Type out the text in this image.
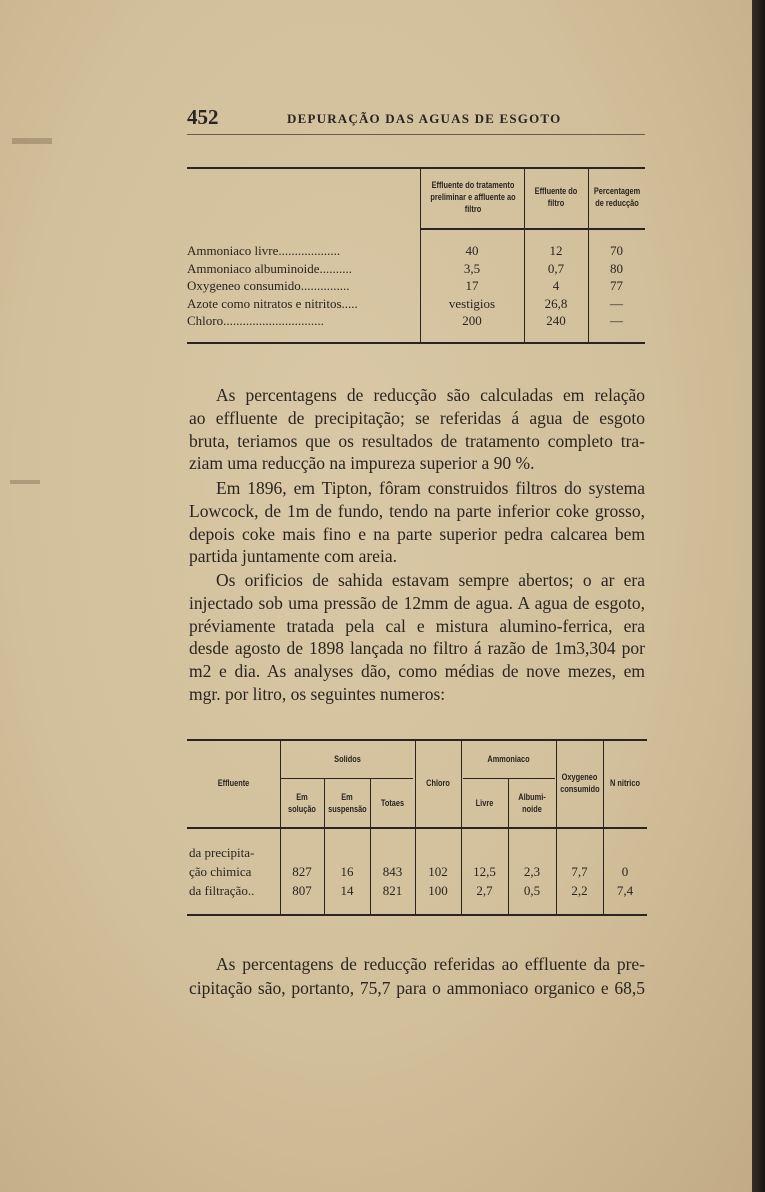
452	DEPURAÇÃO DAS AGUAS DE ESGOTO
Effluente do tratamento preliminar e affluente ao filtro
Effluente do filtro
Percentagem de reducção
Ammoniaco livre...................	40	12	70
Ammoniaco albuminoide..........	3,5	0,7	80
Oxygeneo consumido...............	17	4	77
Azote como nitratos e nitritos.....	vestigios	26,8	—
Chloro...............................	200	240	—
As percentagens de reducção são calculadas em relação
ao effluente de precipitação; se referidas á agua de esgoto
bruta, teriamos que os resultados de tratamento completo tra-
ziam uma reducção na impureza superior a 90 %.
Em 1896, em Tipton, fôram construidos filtros do systema
Lowcock, de 1m de fundo, tendo na parte inferior coke grosso,
depois coke mais fino e na parte superior pedra calcarea bem
partida juntamente com areia.
Os orificios de sahida estavam sempre abertos; o ar era
injectado sob uma pressão de 12mm de agua. A agua de esgoto,
préviamente tratada pela cal e mistura alumino-ferrica, era
desde agosto de 1898 lançada no filtro á razão de 1m3,304 por
m2 e dia. As analyses dão, como médias de nove mezes, em
mgr. por litro, os seguintes numeros:
Effluente
Solidos
Em solução
Em suspensão
Totaes
Chloro
Ammoniaco
Livre
Albumi- noide
Oxygeneo consumido
N nitrico
da precipita-
ção chimica	827	16	843	102	12,5	2,3	7,7	0
da filtração..	807	14	821	100	2,7	0,5	2,2	7,4
As percentagens de reducção referidas ao effluente da pre-
cipitação são, portanto, 75,7 para o ammoniaco organico e 68,5
